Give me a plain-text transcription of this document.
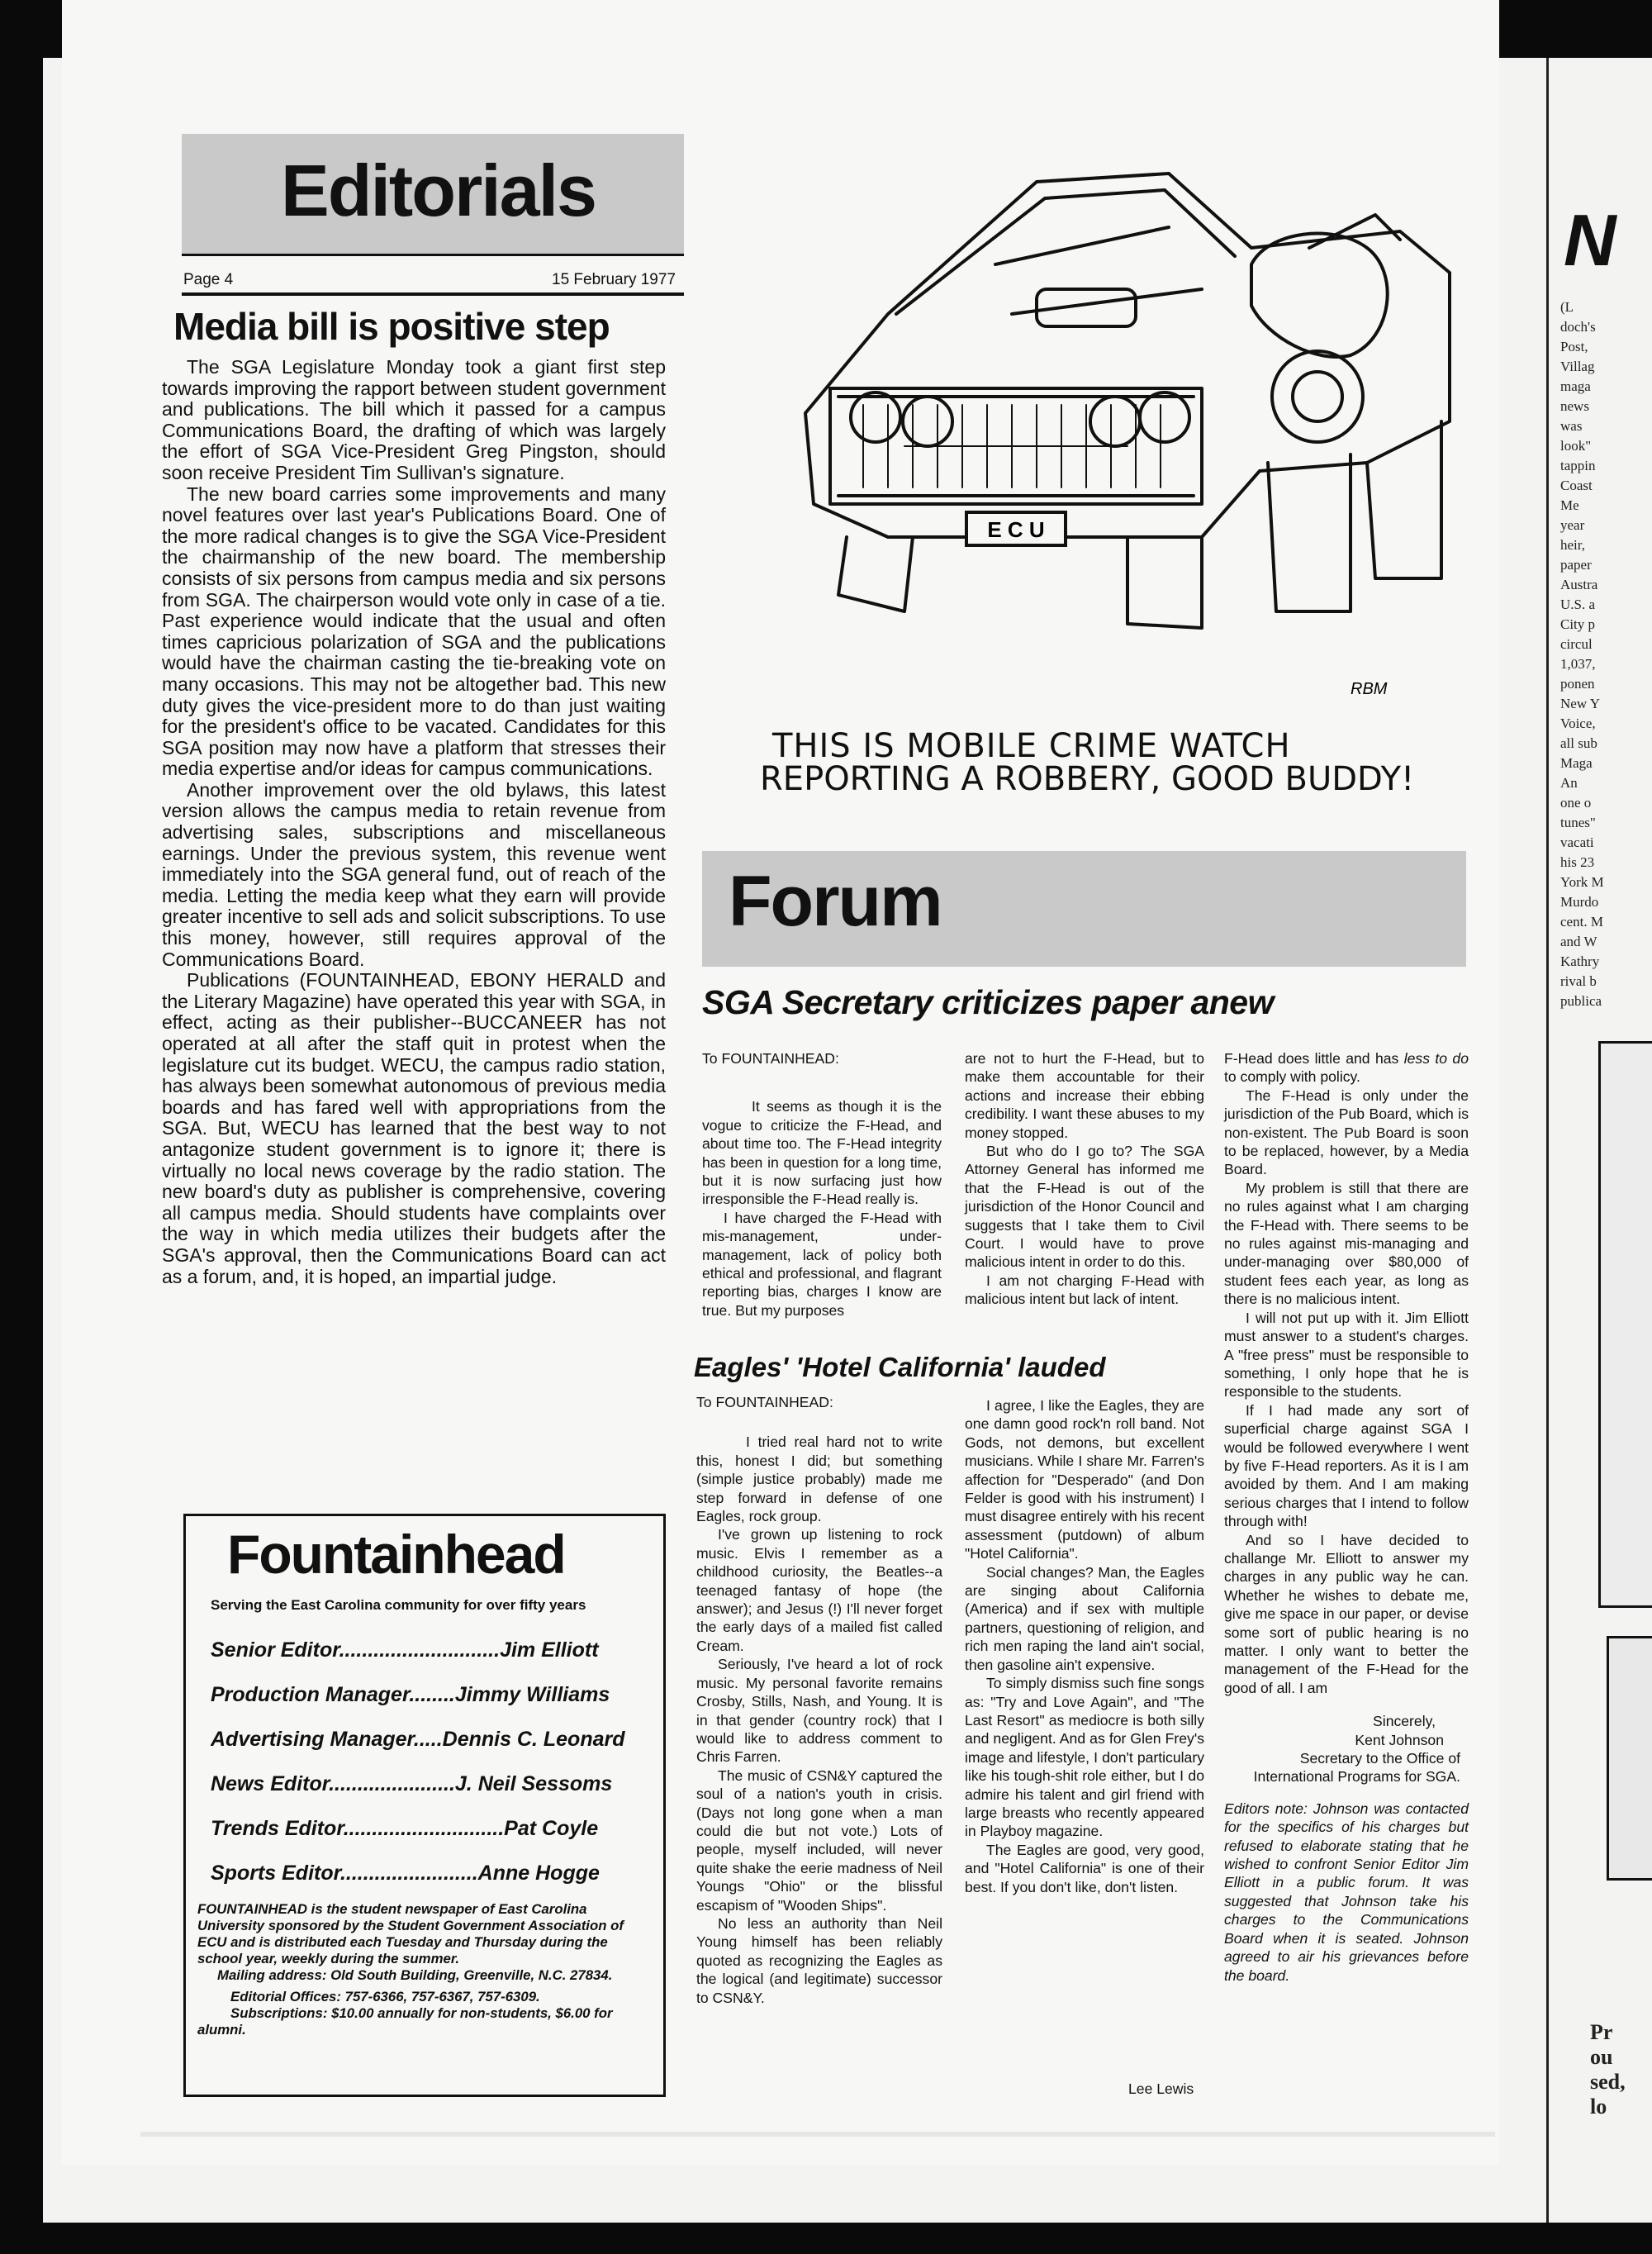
N
(L
doch's
Post,
Villag
maga
news
was
look"
tappin
Coast
Me
year
heir,
paper
Austra
U.S. a
City p
circul
1,037,
ponen
New Y
Voice,
all sub
Maga
An
one o
tunes"
vacati
his 23
York M
Murdo
cent. M
and W
Kathry
rival b
publica
Pr
ou
sed,
lo
Editorials
Page 4	15 February 1977
Media bill is positive step

The SGA Legislature Monday took a giant first step towards improving the rapport between student government and publications. The bill which it passed for a campus Communications Board, the drafting of which was largely the effort of SGA Vice-President Greg Pingston, should soon receive President Tim Sullivan's signature.

The new board carries some improvements and many novel features over last year's Publications Board. One of the more radical changes is to give the SGA Vice-President the chairmanship of the new board. The membership consists of six persons from campus media and six persons from SGA. The chairperson would vote only in case of a tie. Past experience would indicate that the usual and often times capricious polarization of SGA and the publications would have the chairman casting the tie-breaking vote on many occasions. This may not be altogether bad. This new duty gives the vice-president more to do than just waiting for the president's office to be vacated. Candidates for this SGA position may now have a platform that stresses their media expertise and/or ideas for campus communications.

Another improvement over the old bylaws, this latest version allows the campus media to retain revenue from advertising sales, subscriptions and miscellaneous earnings. Under the previous system, this revenue went immediately into the SGA general fund, out of reach of the media. Letting the media keep what they earn will provide greater incentive to sell ads and solicit subscriptions. To use this money, however, still requires approval of the Communications Board.

Publications (FOUNTAINHEAD, EBONY HERALD and the Literary Magazine) have operated this year with SGA, in effect, acting as their publisher--BUCCANEER has not operated at all after the staff quit in protest when the legislature cut its budget. WECU, the campus radio station, has always been somewhat autonomous of previous media boards and has fared well with appropriations from the SGA. But, WECU has learned that the best way to not antagonize student government is to ignore it; there is virtually no local news coverage by the radio station. The new board's duty as publisher is comprehensive, covering all campus media. Should students have complaints over the way in which media utilizes their budgets after the SGA's approval, then the Communications Board can act as a forum, and, it is hoped, an impartial judge.

Fountainhead
Serving the East Carolina community for over fifty years
Senior Editor............................Jim Elliott
Production Manager........Jimmy Williams
Advertising Manager.....Dennis C. Leonard
News Editor......................J. Neil Sessoms
Trends Editor............................Pat Coyle
Sports Editor........................Anne Hogge
FOUNTAINHEAD is the student newspaper of East Carolina University sponsored by the Student Government Association of ECU and is distributed each Tuesday and Thursday during the school year, weekly during the summer.
Mailing address: Old South Building, Greenville, N.C. 27834.
Editorial Offices: 757-6366, 757-6367, 757-6309.
Subscriptions: $10.00 annually for non-students, $6.00 for alumni.
E C U
RBM
THIS IS MOBILE CRIME WATCH
REPORTING A ROBBERY, GOOD BUDDY!
Forum
SGA Secretary criticizes paper anew

To FOUNTAINHEAD:

It seems as though it is the vogue to criticize the F-Head, and about time too. The F-Head integrity has been in question for a long time, but it is now surfacing just how irresponsible the F-Head really is.

I have charged the F-Head with mis-management, under-management, lack of policy both ethical and professional, and flagrant reporting bias, charges I know are true. But my purposes

are not to hurt the F-Head, but to make them accountable for their actions and increase their ebbing credibility. I want these abuses to my money stopped.

But who do I go to? The SGA Attorney General has informed me that the F-Head is out of the jurisdiction of the Honor Council and suggests that I take them to Civil Court. I would have to prove malicious intent in order to do this.

I am not charging F-Head with malicious intent but lack of intent.

F-Head does little and has less to do to comply with policy.

The F-Head is only under the jurisdiction of the Pub Board, which is non-existent. The Pub Board is soon to be replaced, however, by a Media Board.

My problem is still that there are no rules against what I am charging the F-Head with. There seems to be no rules against mis-managing and under-managing over $80,000 of student fees each year, as long as there is no malicious intent.

I will not put up with it. Jim Elliott must answer to a student's charges. A "free press" must be responsible to something, I only hope that he is responsible to the students.

If I had made any sort of superficial charge against SGA I would be followed everywhere I went by five F-Head reporters. As it is I am avoided by them. And I am making serious charges that I intend to follow through with!

And so I have decided to challange Mr. Elliott to answer my charges in any public way he can. Whether he wishes to debate me, give me space in our paper, or devise some sort of public hearing is no matter. I only want to better the management of the F-Head for the good of all. I am

Sincerely,
Kent Johnson
Secretary to the Office of
International Programs for SGA.

Editors note: Johnson was contacted for the specifics of his charges but refused to elaborate stating that he wished to confront Senior Editor Jim Elliott in a public forum. It was suggested that Johnson take his charges to the Communications Board when it is seated. Johnson agreed to air his grievances before the board.

Eagles' 'Hotel California' lauded

To FOUNTAINHEAD:

I tried real hard not to write this, honest I did; but something (simple justice probably) made me step forward in defense of one Eagles, rock group.

I've grown up listening to rock music. Elvis I remember as a childhood curiosity, the Beatles--a teenaged fantasy of hope (the answer); and Jesus (!) I'll never forget the early days of a mailed fist called Cream.

Seriously, I've heard a lot of rock music. My personal favorite remains Crosby, Stills, Nash, and Young. It is in that gender (country rock) that I would like to address comment to Chris Farren.

The music of CSN&Y captured the soul of a nation's youth in crisis. (Days not long gone when a man could die but not vote.) Lots of people, myself included, will never quite shake the eerie madness of Neil Youngs "Ohio" or the blissful escapism of "Wooden Ships".

No less an authority than Neil Young himself has been reliably quoted as recognizing the Eagles as the logical (and legitimate) successor to CSN&Y.

I agree, I like the Eagles, they are one damn good rock'n roll band. Not Gods, not demons, but excellent musicians. While I share Mr. Farren's affection for "Desperado" (and Don Felder is good with his instrument) I must disagree entirely with his recent assessment (putdown) of album "Hotel California".

Social changes? Man, the Eagles are singing about California (America) and if sex with multiple partners, questioning of religion, and rich men raping the land ain't social, then gasoline ain't expensive.

To simply dismiss such fine songs as: "Try and Love Again", and "The Last Resort" as mediocre is both silly and negligent. And as for Glen Frey's image and lifestyle, I don't particulary like his tough-shit role either, but I do admire his talent and girl friend with large breasts who recently appeared in Playboy magazine.

The Eagles are good, very good, and "Hotel California" is one of their best. If you don't like, don't listen.

Lee Lewis
